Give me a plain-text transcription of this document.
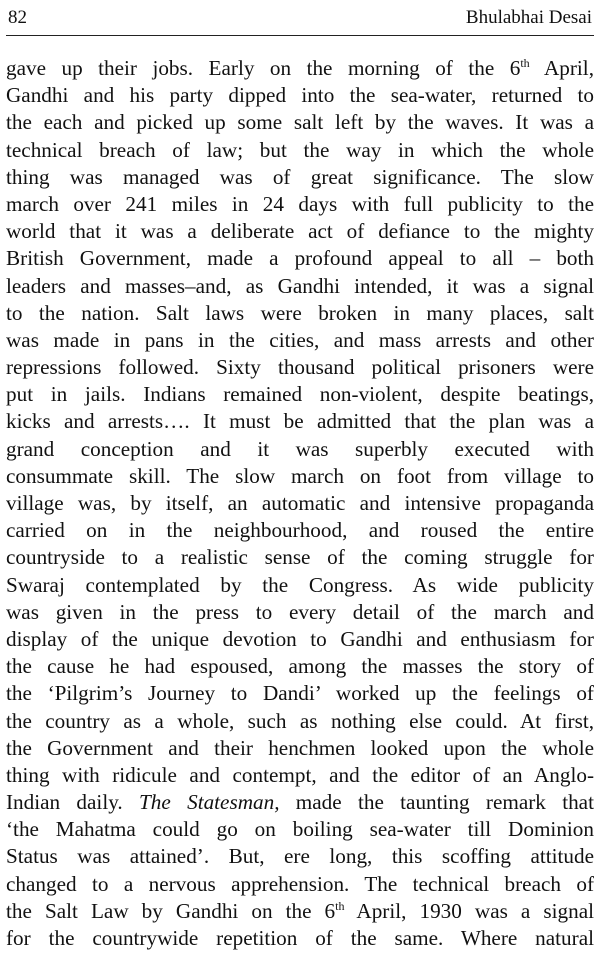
82	Bhulabhai Desai
gave up their jobs. Early on the morning of the 6th April,
Gandhi and his party dipped into the sea-water, returned to
the each and picked up some salt left by the waves. It was a
technical breach of law; but the way in which the whole
thing was managed was of great significance. The slow
march over 241 miles in 24 days with full publicity to the
world that it was a deliberate act of defiance to the mighty
British Government, made a profound appeal to all – both
leaders and masses–and, as Gandhi intended, it was a signal
to the nation. Salt laws were broken in many places, salt
was made in pans in the cities, and mass arrests and other
repressions followed. Sixty thousand political prisoners were
put in jails. Indians remained non-violent, despite beatings,
kicks and arrests…. It must be admitted that the plan was a
grand conception and it was superbly executed with
consummate skill. The slow march on foot from village to
village was, by itself, an automatic and intensive propaganda
carried on in the neighbourhood, and roused the entire
countryside to a realistic sense of the coming struggle for
Swaraj contemplated by the Congress. As wide publicity
was given in the press to every detail of the march and
display of the unique devotion to Gandhi and enthusiasm for
the cause he had espoused, among the masses the story of
the ‘Pilgrim’s Journey to Dandi’ worked up the feelings of
the country as a whole, such as nothing else could. At first,
the Government and their henchmen looked upon the whole
thing with ridicule and contempt, and the editor of an Anglo-
Indian daily. The Statesman, made the taunting remark that
‘the Mahatma could go on boiling sea-water till Dominion
Status was attained’. But, ere long, this scoffing attitude
changed to a nervous apprehension. The technical breach of
the Salt Law by Gandhi on the 6th April, 1930 was a signal
for the countrywide repetition of the same. Where natural
